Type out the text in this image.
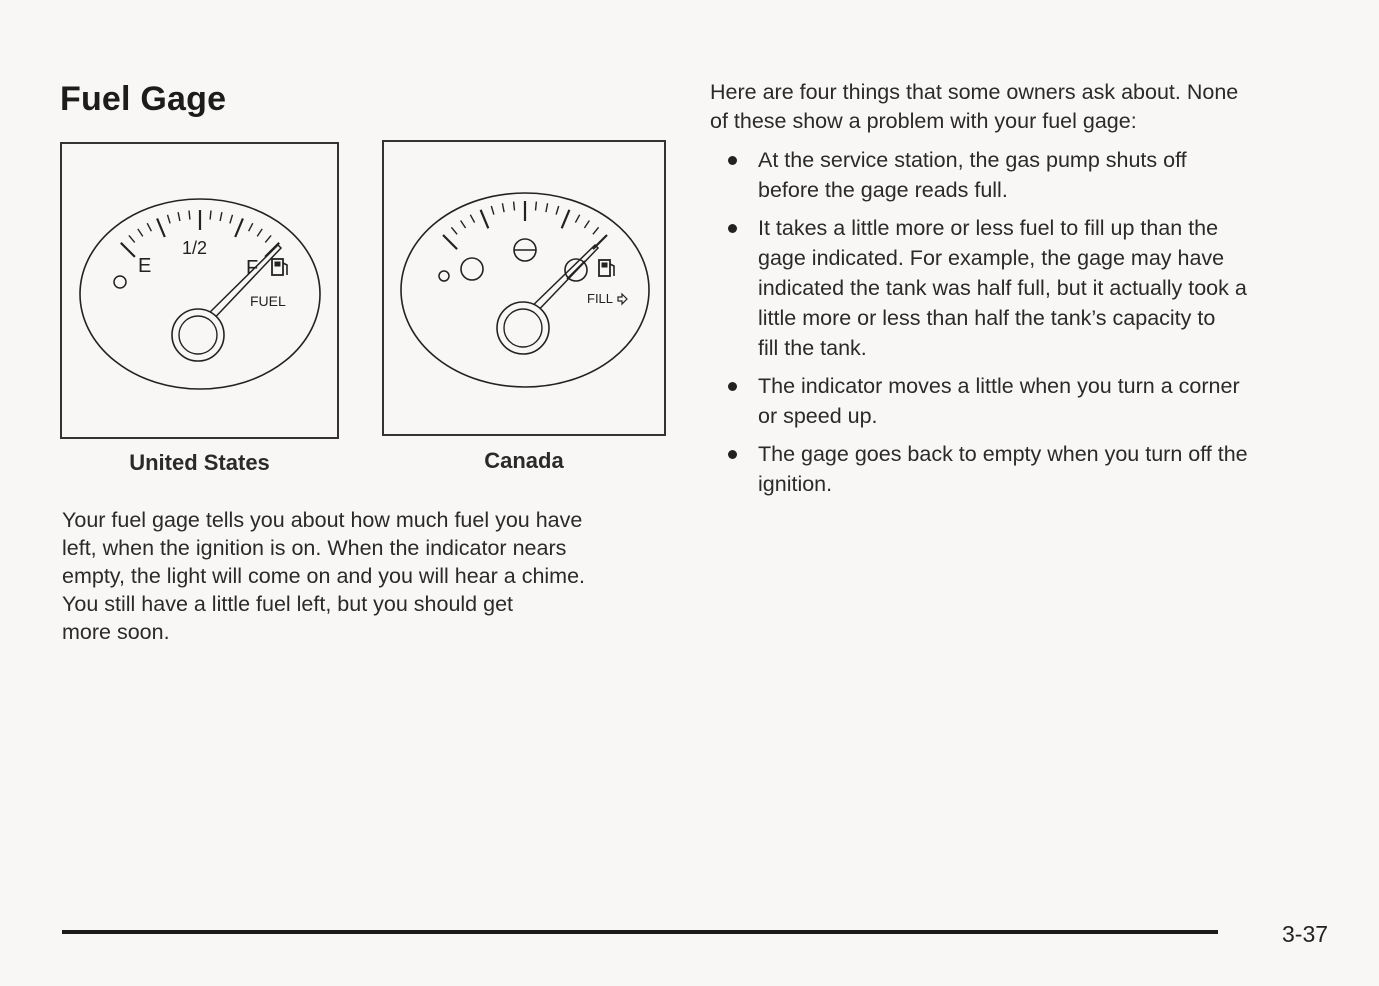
Fuel Gage
E
1/2
F
FUEL
United States
FILL
Canada
Your fuel gage tells you about how much fuel you have
left, when the ignition is on. When the indicator nears
empty, the light will come on and you will hear a chime.
You still have a little fuel left, but you should get
more soon.
Here are four things that some owners ask about. None
of these show a problem with your fuel gage:
At the service station, the gas pump shuts off
before the gage reads full.
It takes a little more or less fuel to fill up than the
gage indicated. For example, the gage may have
indicated the tank was half full, but it actually took a
little more or less than half the tank’s capacity to
fill the tank.
The indicator moves a little when you turn a corner
or speed up.
The gage goes back to empty when you turn off the
ignition.
3-37
